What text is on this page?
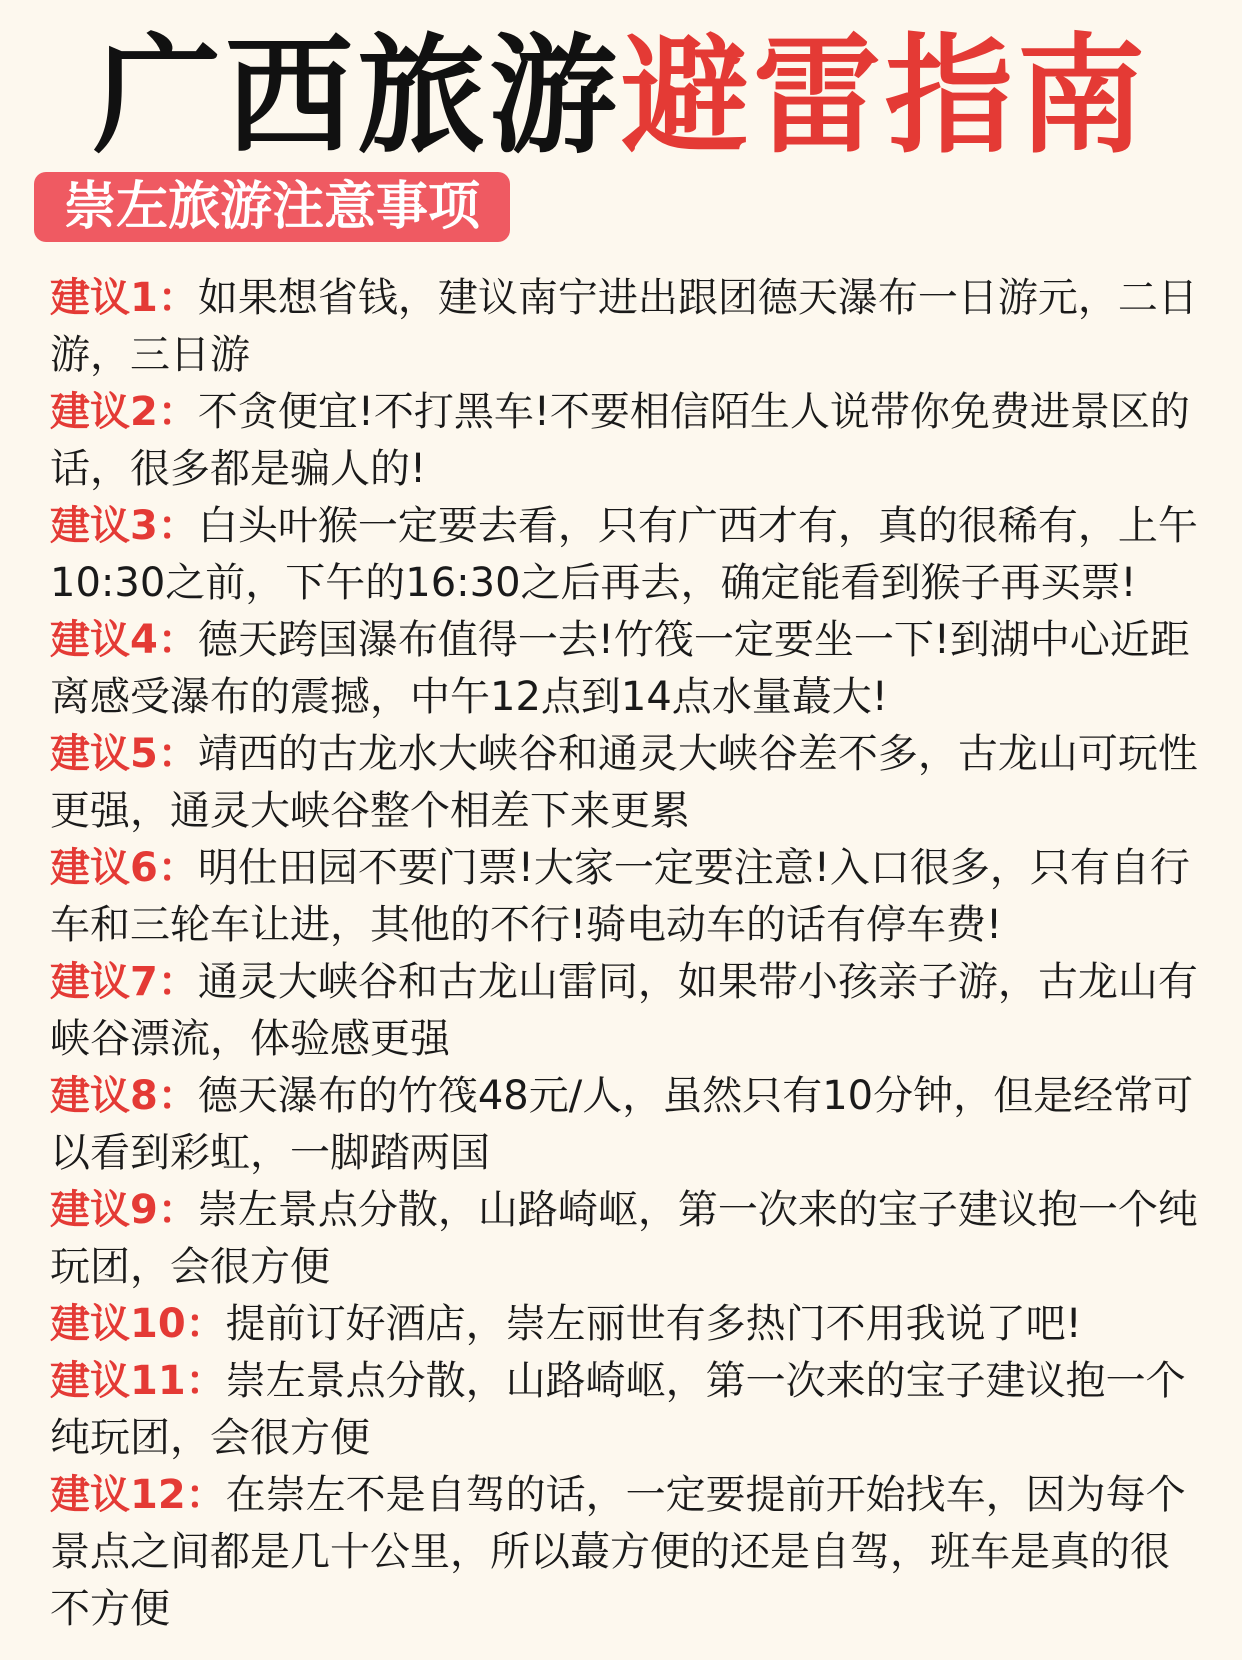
广西旅游避雷指南
崇左旅游注意事项
建议1：如果想省钱，建议南宁进出跟团德天瀑布一日游元，二日游，三日游
建议2：不贪便宜!不打黑车!不要相信陌生人说带你免费进景区的话，很多都是骗人的!
建议3：白头叶猴一定要去看，只有广西才有，真的很稀有，上午10:30之前，下午的16:30之后再去，确定能看到猴子再买票!
建议4：德天跨国瀑布值得一去!竹筏一定要坐一下!到湖中心近距离感受瀑布的震撼，中午12点到14点水量蕞大!
建议5：靖西的古龙水大峡谷和通灵大峡谷差不多，古龙山可玩性更强，通灵大峡谷整个相差下来更累
建议6：明仕田园不要门票!大家一定要注意!入口很多，只有自行车和三轮车让进，其他的不行!骑电动车的话有停车费!
建议7：通灵大峡谷和古龙山雷同，如果带小孩亲子游，古龙山有峡谷漂流，体验感更强
建议8：德天瀑布的竹筏48元/人，虽然只有10分钟，但是经常可以看到彩虹，一脚踏两国
建议9：崇左景点分散，山路崎岖，第一次来的宝子建议抱一个纯玩团，会很方便
建议10：提前订好酒店，崇左丽世有多热门不用我说了吧!
建议11：崇左景点分散，山路崎岖，第一次来的宝子建议抱一个纯玩团，会很方便
建议12：在崇左不是自驾的话，一定要提前开始找车，因为每个景点之间都是几十公里，所以蕞方便的还是自驾，班车是真的很不方便
